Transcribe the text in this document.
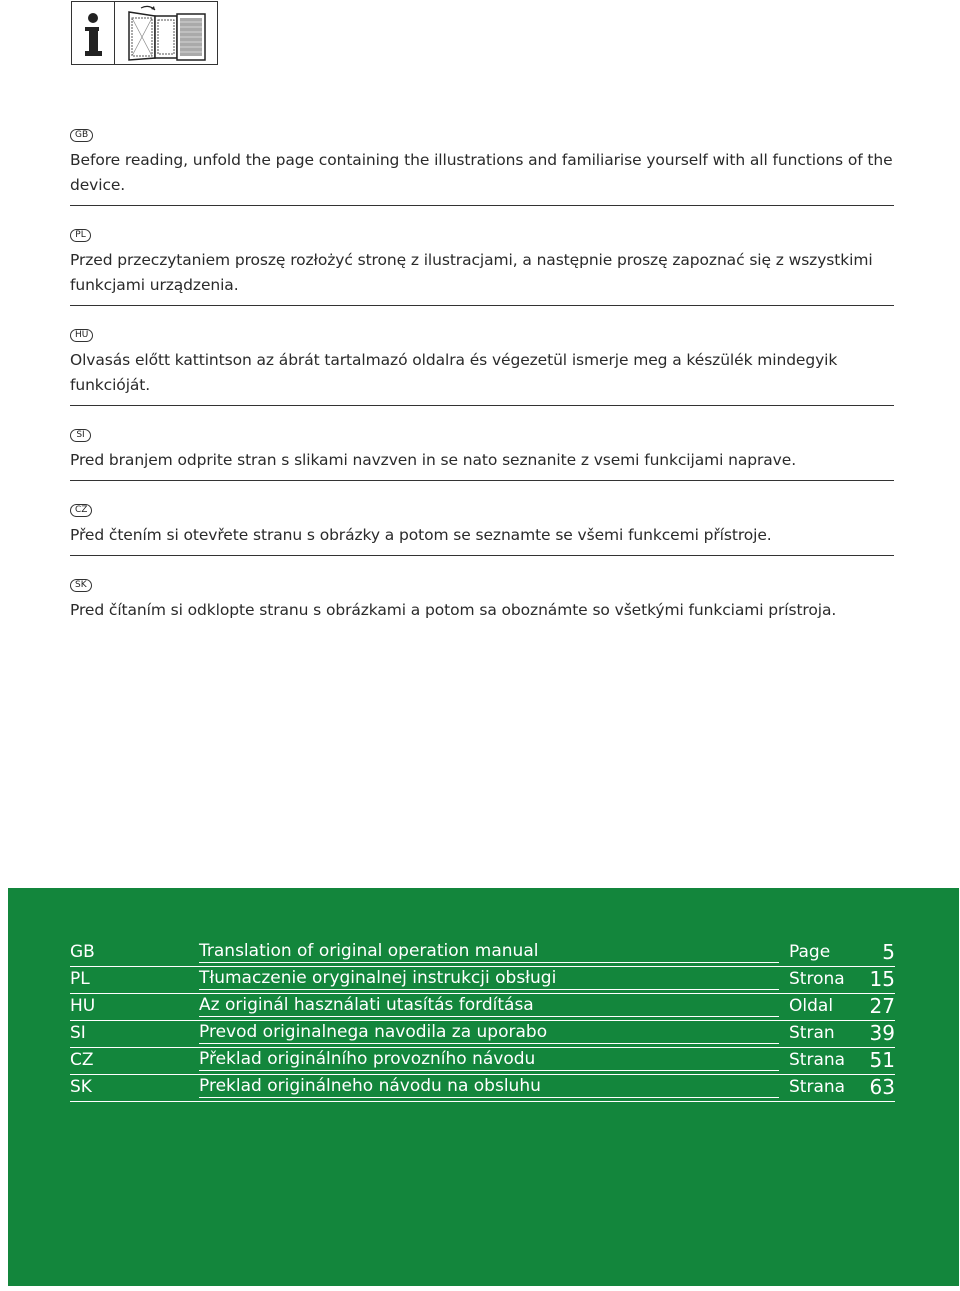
GB
Before reading, unfold the page containing the illustrations and familiarise yourself with all functions of the device.
PL
Przed przeczytaniem proszę rozłożyć stronę z ilustracjami, a następnie proszę zapoznać się z wszystkimi funkcjami urządzenia.
HU
Olvasás előtt kattintson az ábrát tartalmazó oldalra és végezetül ismerje meg a készülék mindegyik funkcióját.
SI
Pred branjem odprite stran s slikami navzven in se nato seznanite z vsemi funkcijami naprave.
CZ
Před čtením si otevřete stranu s obrázky a potom se seznamte se všemi funkcemi přístroje.
SK
Pred čítaním si odklopte stranu s obrázkami a potom sa oboznámte so všetkými funkciami prístroja.
GB	Translation of original operation manual	Page	5
PL	Tłumaczenie oryginalnej instrukcji obsługi	Strona 15
HU	Az originál használati utasítás fordítása	Oldal 27
SI	Prevod originalnega navodila za uporabo	Stran 39
CZ	Překlad originálního provozního návodu	Strana 51
SK	Preklad originálneho návodu na obsluhu	Strana 63
